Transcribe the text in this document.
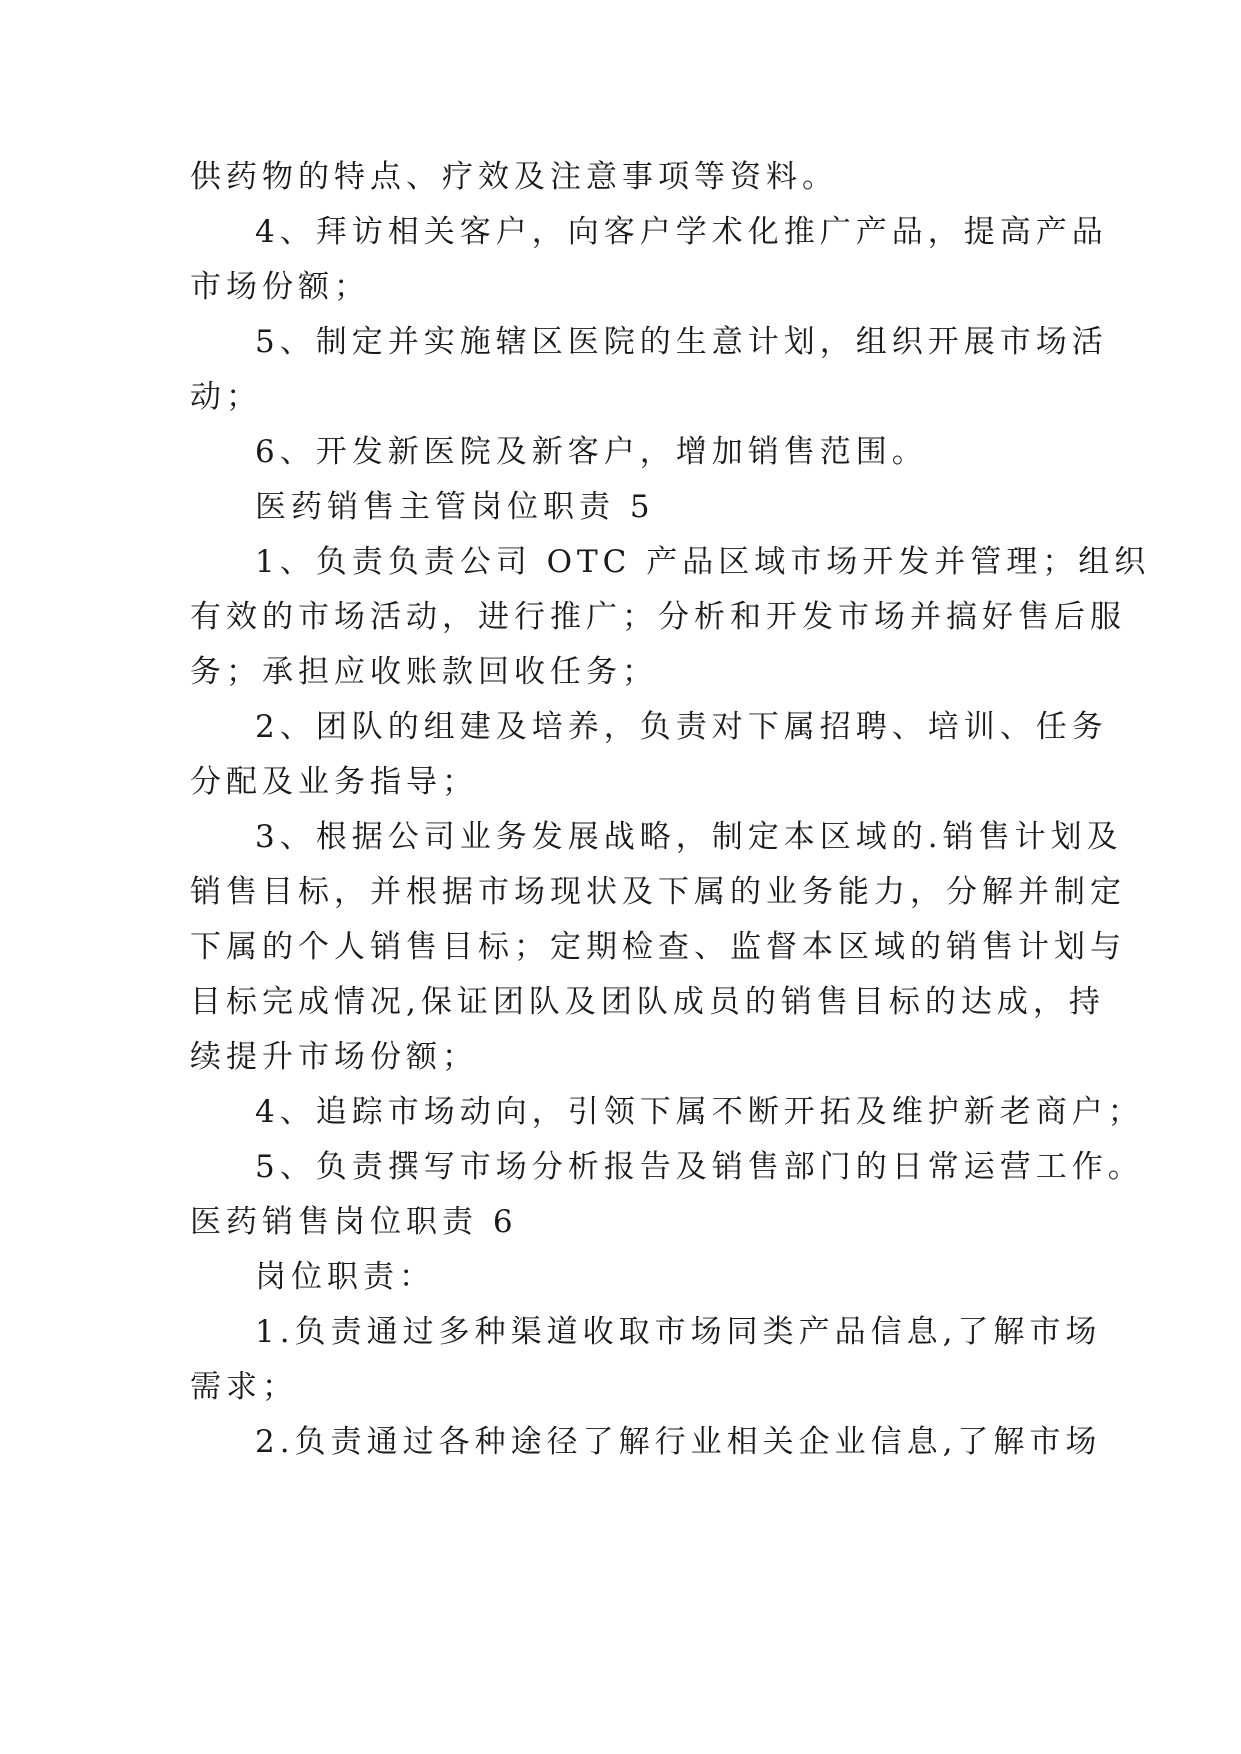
供药物的特点、疗效及注意事项等资料。
4、拜访相关客户，向客户学术化推广产品，提高产品
市场份额；
5、制定并实施辖区医院的生意计划，组织开展市场活
动；
6、开发新医院及新客户，增加销售范围。
医药销售主管岗位职责 5
1、负责负责公司 OTC 产品区域市场开发并管理；组织
有效的市场活动，进行推广；分析和开发市场并搞好售后服
务；承担应收账款回收任务；
2、团队的组建及培养，负责对下属招聘、培训、任务
分配及业务指导；
3、根据公司业务发展战略，制定本区域的.销售计划及
销售目标，并根据市场现状及下属的业务能力，分解并制定
下属的个人销售目标；定期检查、监督本区域的销售计划与
目标完成情况,保证团队及团队成员的销售目标的达成，持
续提升市场份额；
4、追踪市场动向，引领下属不断开拓及维护新老商户；
5、负责撰写市场分析报告及销售部门的日常运营工作。
医药销售岗位职责 6
岗位职责：
1.负责通过多种渠道收取市场同类产品信息,了解市场
需求；
2.负责通过各种途径了解行业相关企业信息,了解市场
